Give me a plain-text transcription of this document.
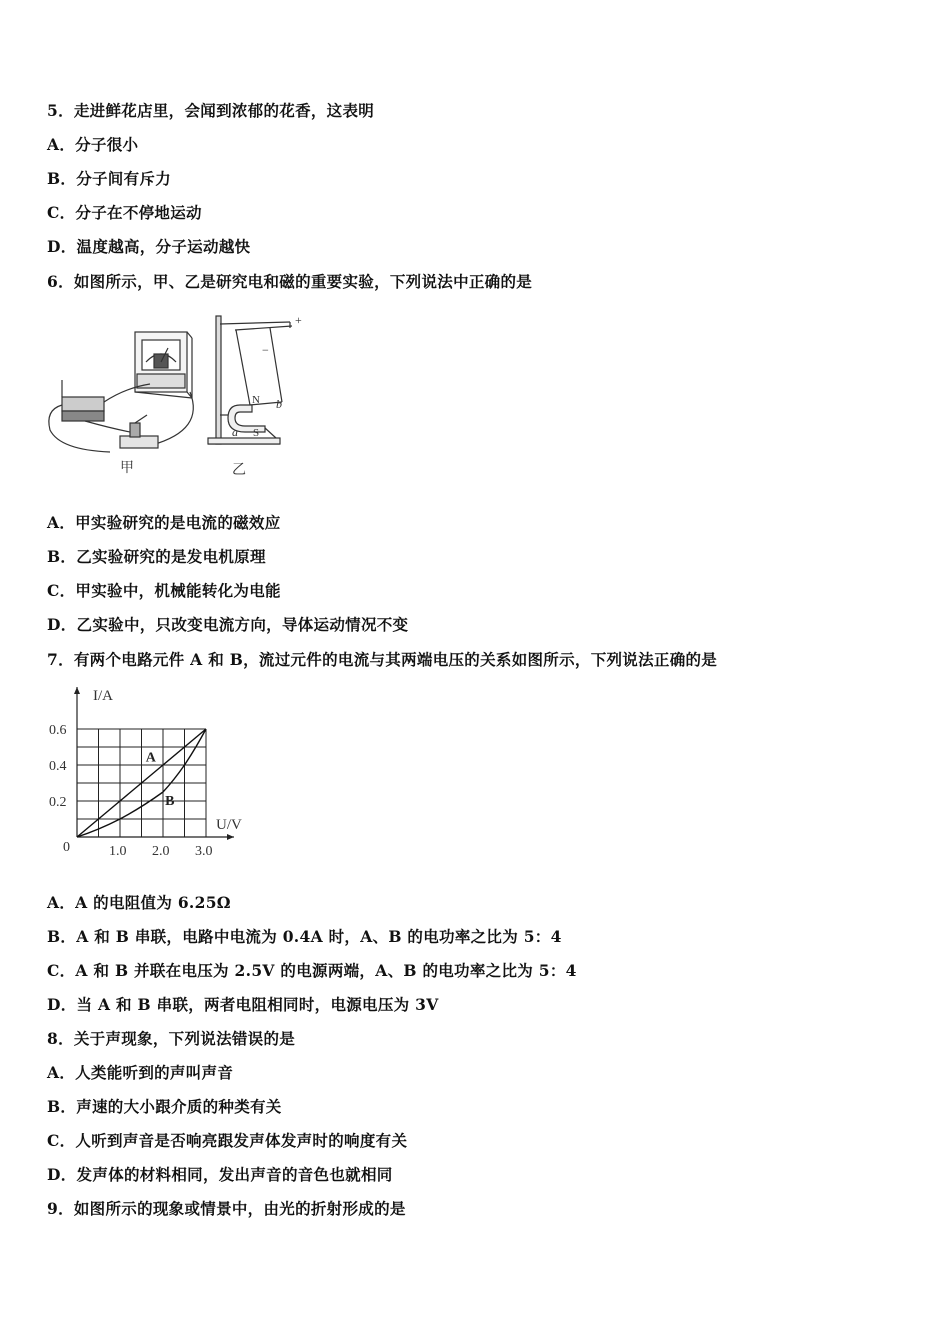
5．走进鲜花店里，会闻到浓郁的花香，这表明
A．分子很小
B．分子间有斥力
C．分子在不停地运动
D．温度越高，分子运动越快
6．如图所示，甲、乙是研究电和磁的重要实验，下列说法中正确的是
甲
+
−
N
S
a
b
乙
A．甲实验研究的是电流的磁效应
B．乙实验研究的是发电机原理
C．甲实验中，机械能转化为电能
D．乙实验中，只改变电流方向，导体运动情况不变
7．有两个电路元件 A 和 B，流过元件的电流与其两端电压的关系如图所示，下列说法正确的是
1.0 2.0 3.0
0.2
0.4
0.6
A
B
I/A
U/V
0
A．A 的电阻值为 6.25Ω
B．A 和 B 串联，电路中电流为 0.4A 时，A、B 的电功率之比为 5：4
C．A 和 B 并联在电压为 2.5V 的电源两端，A、B 的电功率之比为 5：4
D．当 A 和 B 串联，两者电阻相同时，电源电压为 3V
8．关于声现象，下列说法错误的是
A．人类能听到的声叫声音
B．声速的大小跟介质的种类有关
C．人听到声音是否响亮跟发声体发声时的响度有关
D．发声体的材料相同，发出声音的音色也就相同
9．如图所示的现象或情景中，由光的折射形成的是
